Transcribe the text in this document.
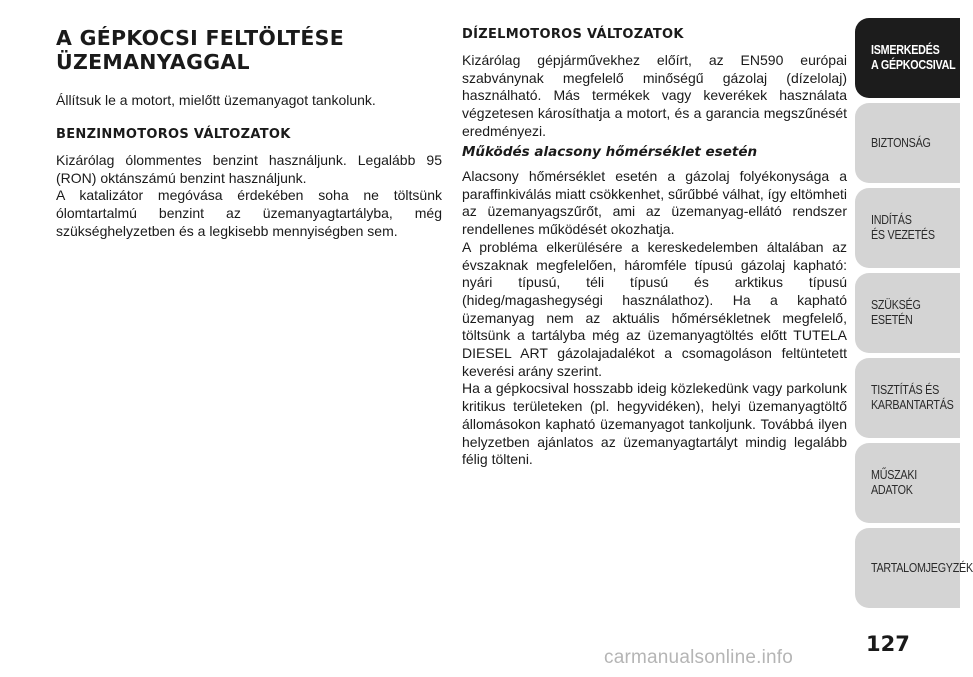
A GÉPKOCSI FELTÖLTÉSE
ÜZEMANYAGGAL

Állítsuk le a motort, mielőtt üzemanyagot tankolunk.

BENZINMOTOROS VÁLTOZATOK

Kizárólag ólommentes benzint használjunk. Legalább 95 (RON) oktánszámú benzint használjunk.
A katalizátor megóvása érdekében soha ne töltsünk ólomtartalmú benzint az üzemanyagtartályba, még szükséghelyzetben és a legkisebb mennyiségben sem.

DÍZELMOTOROS VÁLTOZATOK

Kizárólag gépjárművekhez előírt, az EN590 európai szabványnak megfelelő minőségű gázolaj (dízelolaj) használható. Más termékek vagy keverékek használata végzetesen károsíthatja a motort, és a garancia megszűnését eredményezi.

Működés alacsony hőmérséklet esetén

Alacsony hőmérséklet esetén a gázolaj folyékonysága a paraffinkiválás miatt csökkenhet, sűrűbbé válhat, így eltömheti az üzemanyagszűrőt, ami az üzemanyag-ellátó rendszer rendellenes működését okozhatja.
A probléma elkerülésére a kereskedelemben általában az évszaknak megfelelően, háromféle típusú gázolaj kapható: nyári típusú, téli típusú és arktikus típusú (hideg/magashegységi használathoz). Ha a kapható üzemanyag nem az aktuális hőmérsékletnek megfelelő, töltsünk a tartályba még az üzemanyagtöltés előtt TUTELA DIESEL ART gázolajadalékot a csomagoláson feltüntetett keverési arány szerint.
Ha a gépkocsival hosszabb ideig közlekedünk vagy parkolunk kritikus területeken (pl. hegyvidéken), helyi üzemanyagtöltő állomásokon kapható üzemanyagot tankoljunk. Továbbá ilyen helyzetben ajánlatos az üzemanyagtartályt mindig legalább félig tölteni.

ISMERKEDÉS
A GÉPKOCSIVAL
BIZTONSÁG
INDÍTÁS
ÉS VEZETÉS
SZÜKSÉG
ESETÉN
TISZTÍTÁS ÉS
KARBANTARTÁS
MŰSZAKI
ADATOK
TARTALOMJEGYZÉK
127
carmanualsonline.info
